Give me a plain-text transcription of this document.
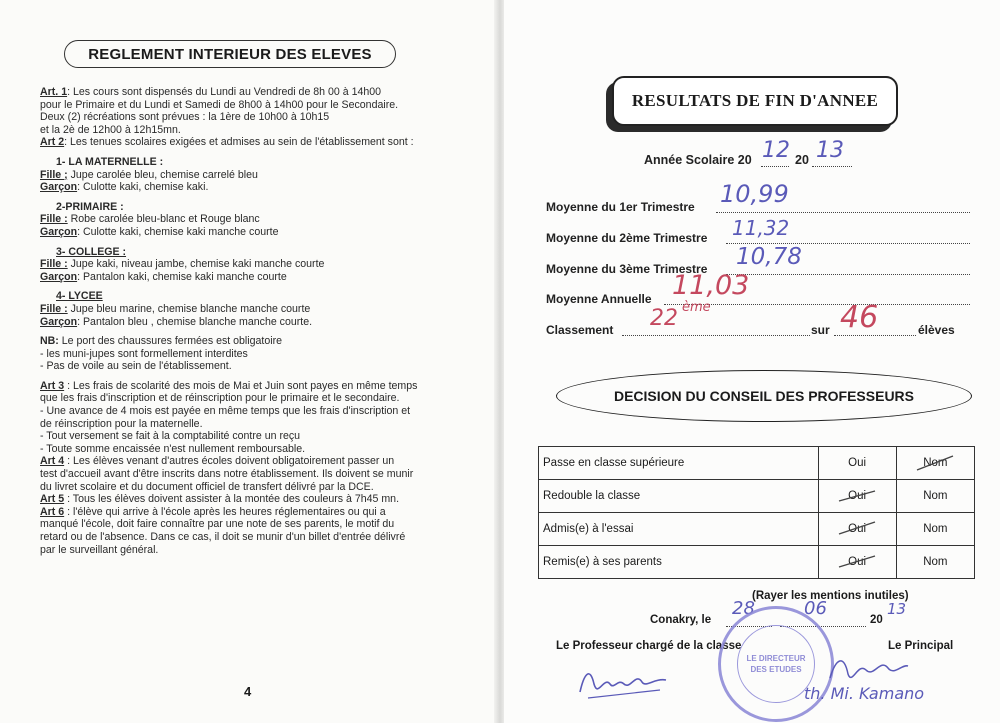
REGLEMENT INTERIEUR DES ELEVES

Art. 1: Les cours sont dispensés du Lundi au Vendredi de 8h 00 à 14h00

pour le Primaire et du Lundi et Samedi de 8h00 à 14h00 pour le Secondaire.

Deux (2) récréations sont prévues : la 1ère de 10h00 à 10h15

et la 2è de 12h00 à 12h15mn.

Art 2: Les tenues scolaires exigées et admises au sein de l'établissement sont :

1- LA MATERNELLE :

Fille ; Jupe carolée bleu, chemise carrelé bleu

Garçon: Culotte kaki, chemise kaki.

2-PRIMAIRE :

Fille : Robe carolée bleu-blanc et Rouge blanc

Garçon: Culotte kaki, chemise kaki manche courte

3- COLLEGE :

Fille : Jupe kaki, niveau jambe, chemise kaki manche courte

Garçon: Pantalon kaki, chemise kaki manche courte

4- LYCEE

Fille : Jupe bleu marine, chemise blanche manche courte

Garçon: Pantalon bleu , chemise blanche manche courte.

NB: Le port des chaussures fermées est obligatoire

- les muni-jupes sont formellement interdites

- Pas de voile au sein de l'établissement.

Art 3 : Les frais de scolarité des mois de Mai et Juin sont payes en même temps

que les frais d'inscription et de réinscription pour le primaire et le secondaire.

- Une avance de 4 mois est payée en même temps que les frais d'inscription et

de réinscription pour la maternelle.

- Tout versement se fait à la comptabilité contre un reçu

- Toute somme encaissée n'est nullement remboursable.

Art 4 : Les élèves venant d'autres écoles doivent obligatoirement passer un

test d'accueil avant d'être inscrits dans notre établissement. Ils doivent se munir

du livret scolaire et du document officiel de transfert délivré par la DCE.

Art 5 : Tous les élèves doivent assister à la montée des couleurs à 7h45 mn.

Art 6 : l'élève qui arrive à l'école après les heures réglementaires ou qui a

manqué l'école, doit faire connaître par une note de ses parents, le motif du

retard ou de l'absence. Dans ce cas, il doit se munir d'un billet d'entrée délivré

par le surveillant général.

4
RESULTATS DE FIN D'ANNEE
Année Scolaire 20 12 20 13
Moyenne du 1er Trimestre 10,99
Moyenne du 2ème Trimestre 11,32
Moyenne du 3ème Trimestre 10,78
Moyenne Annuelle 11,03
Classement 22 ème
sur 46	élèves
DECISION DU CONSEIL DES PROFESSEURS
Passe en classe supérieure	Oui	Nom

Redouble la classe	Oui	Nom
Admis(e) à l'essai	Oui	Nom
Remis(e) à ses parents	Oui	Nom
(Rayer les mentions inutiles)
Conakry, le
28	06
20
13
Le Professeur chargé de la classe	Le Principal
LE DIRECTEUR
DES ETUDES
th. Mi. Kamano
